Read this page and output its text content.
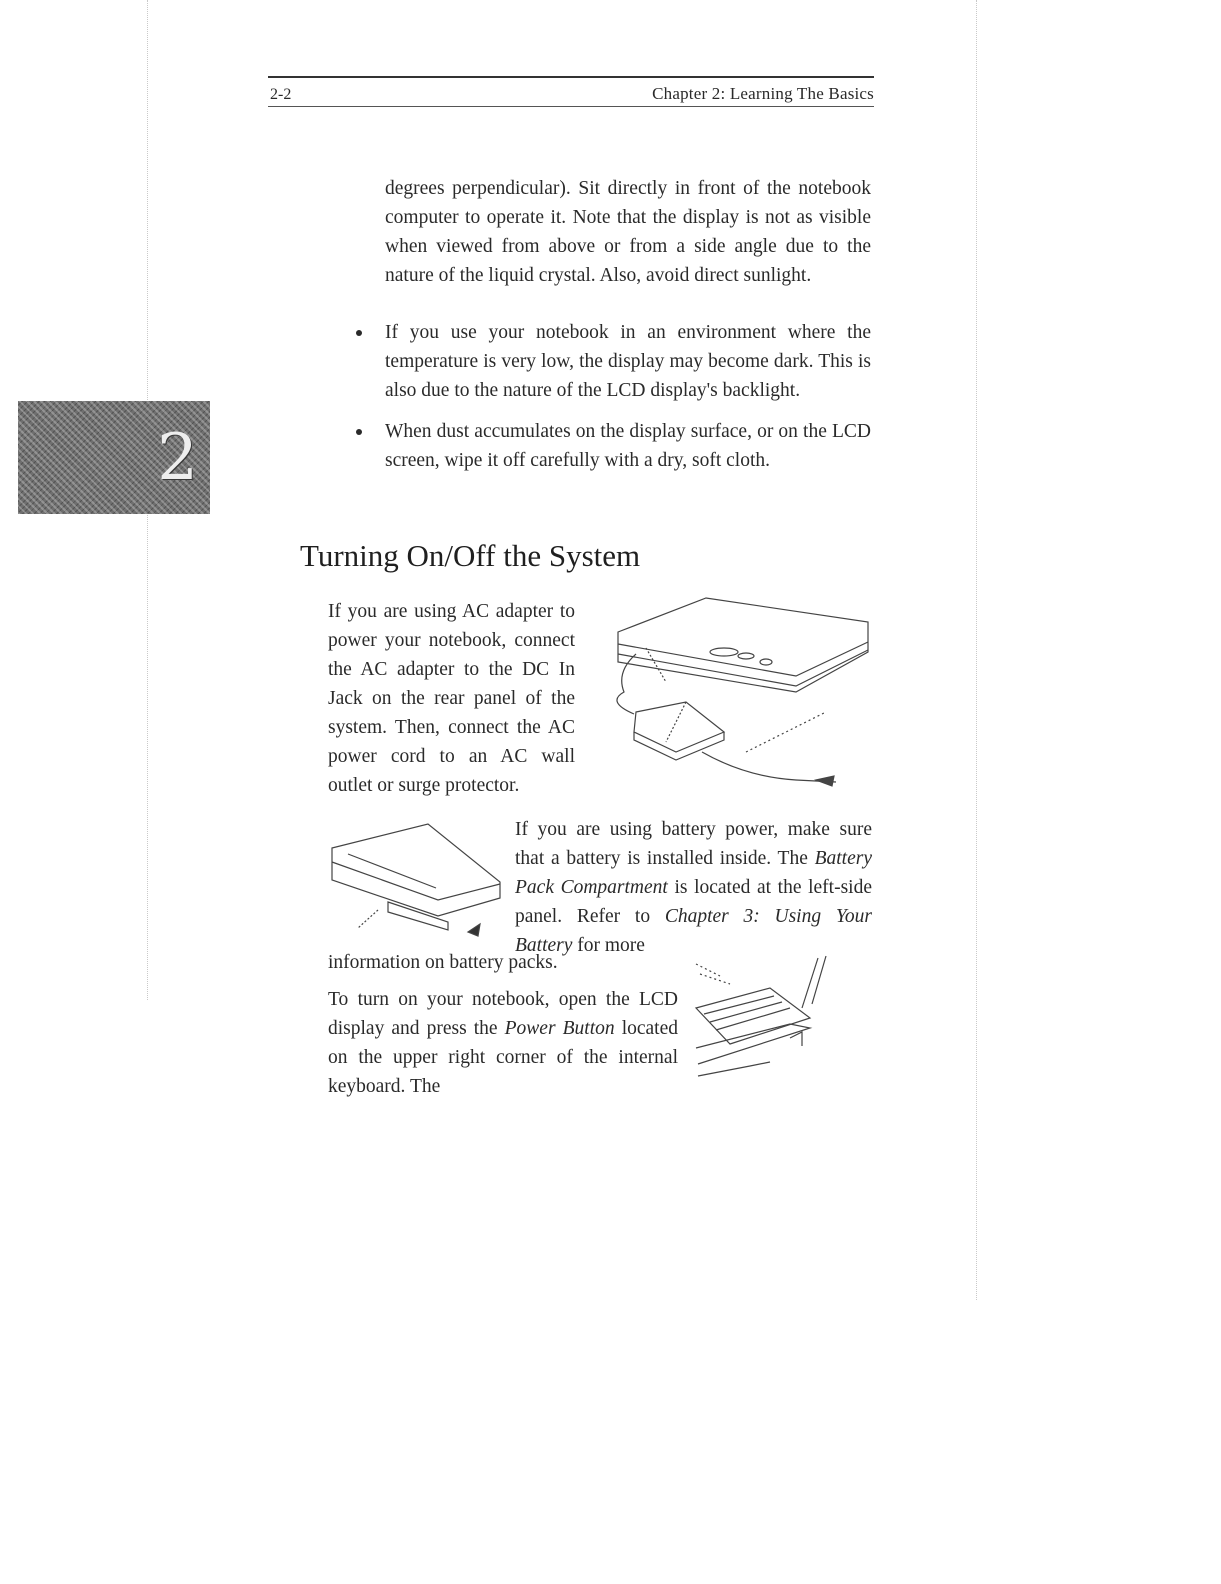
2-2	Chapter 2: Learning The Basics
2

degrees perpendicular). Sit directly in front of the notebook computer to operate it. Note that the display is not as visible when viewed from above or from a side angle due to the nature of the liquid crystal. Also, avoid direct sunlight.

If you use your notebook in an environment where the temperature is very low, the display may become dark. This is also due to the nature of the LCD display's backlight.
When dust accumulates on the display surface, or on the LCD screen, wipe it off carefully with a dry, soft cloth.
Turning On/Off the System

If you are using AC adapter to power your notebook, connect the AC adapter to the DC In Jack on the rear panel of the system. Then, connect the AC power cord to an AC wall outlet or surge protector.

If you are using battery power, make sure that a battery is installed inside. The Battery Pack Compartment is located at the left-side panel. Refer to Chapter 3: Using Your Battery for more

information on battery packs.

To turn on your notebook, open the LCD display and press the Power Button located on the upper right corner of the internal keyboard. The
